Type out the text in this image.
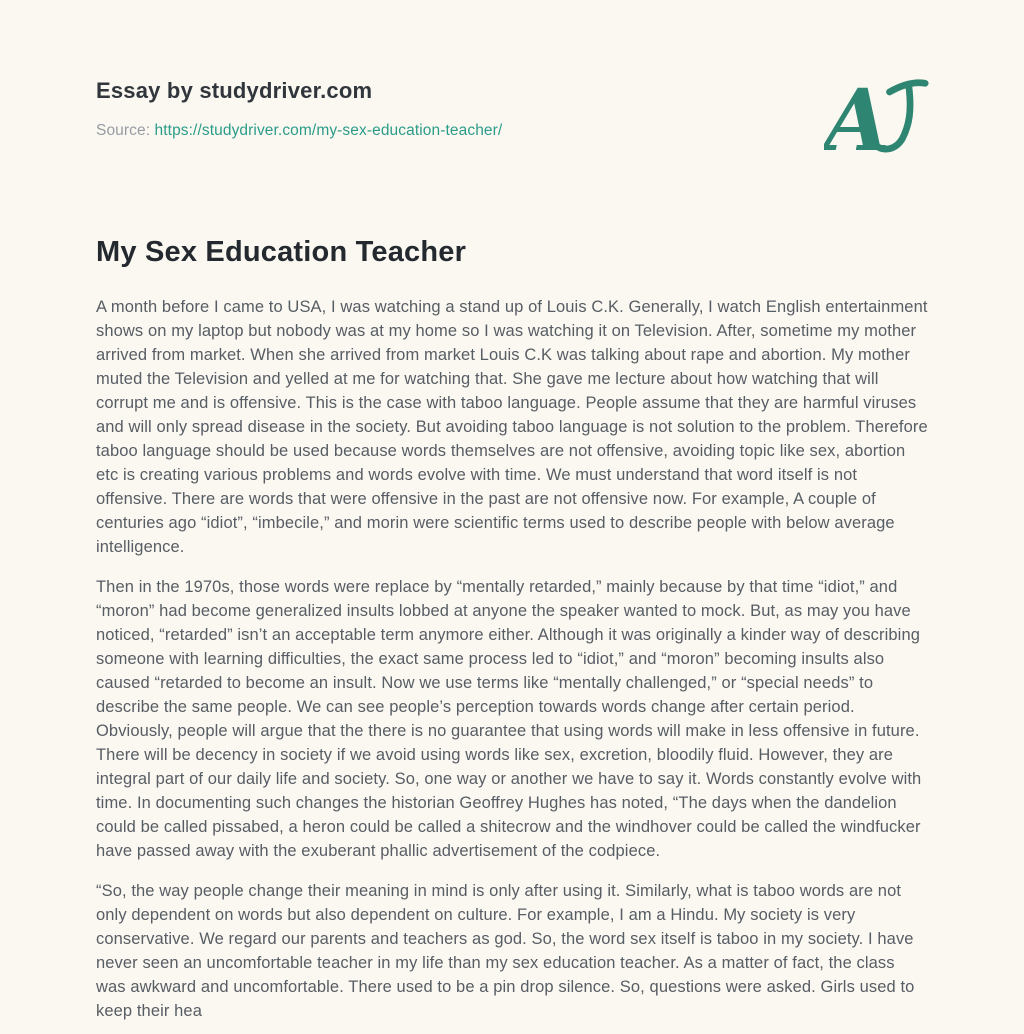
Essay by studydriver.com
Source: https://studydriver.com/my-sex-education-teacher/	A
My Sex Education Teacher

A month before I came to USA, I was watching a stand up of Louis C.K. Generally, I watch English entertainment shows on my laptop but nobody was at my home so I was watching it on Television. After, sometime my mother arrived from market. When she arrived from market Louis C.K was talking about rape and abortion. My mother muted the Television and yelled at me for watching that. She gave me lecture about how watching that will corrupt me and is offensive. This is the case with taboo language. People assume that they are harmful viruses and will only spread disease in the society. But avoiding taboo language is not solution to the problem. Therefore taboo language should be used because words themselves are not offensive, avoiding topic like sex, abortion etc is creating various problems and words evolve with time. We must understand that word itself is not offensive. There are words that were offensive in the past are not offensive now. For example, A couple of centuries ago “idiot”, “imbecile,” and morin were scientific terms used to describe people with below average intelligence.

Then in the 1970s, those words were replace by “mentally retarded,” mainly because by that time “idiot,” and “moron” had become generalized insults lobbed at anyone the speaker wanted to mock. But, as may you have noticed, “retarded” isn’t an acceptable term anymore either. Although it was originally a kinder way of describing someone with learning difficulties, the exact same process led to “idiot,” and “moron” becoming insults also caused “retarded to become an insult. Now we use terms like “mentally challenged,” or “special needs” to describe the same people. We can see people’s perception towards words change after certain period. Obviously, people will argue that the there is no guarantee that using words will make in less offensive in future. There will be decency in society if we avoid using words like sex, excretion, bloodily fluid. However, they are integral part of our daily life and society. So, one way or another we have to say it. Words constantly evolve with time. In documenting such changes the historian Geoffrey Hughes has noted, “The days when the dandelion could be called pissabed, a heron could be called a shitecrow and the windhover could be called the windfucker have passed away with the exuberant phallic advertisement of the codpiece.

“So, the way people change their meaning in mind is only after using it. Similarly, what is taboo words are not only dependent on words but also dependent on culture. For example, I am a Hindu. My society is very conservative. We regard our parents and teachers as god. So, the word sex itself is taboo in my society. I have never seen an uncomfortable teacher in my life than my sex education teacher. As a matter of fact, the class was awkward and uncomfortable. There used to be a pin drop silence. So, questions were asked. Girls used to keep their hea
